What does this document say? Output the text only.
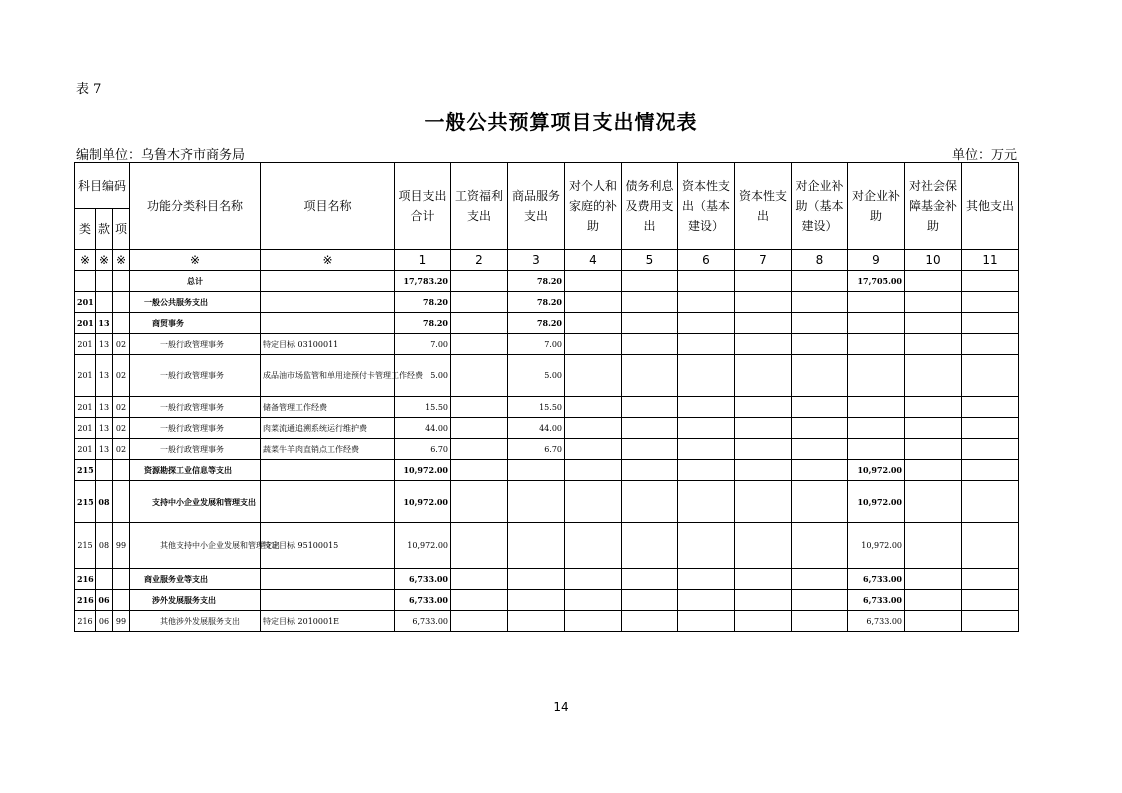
表 7
一般公共预算项目支出情况表
编制单位：乌鲁木齐市商务局	单位：万元
科目编码			功能分类科目名称	项目名称	项目支出合计	工资福利支出	商品服务支出	对个人和家庭的补助	债务利息及费用支出	资本性支出（基本建设）	资本性支出	对企业补助（基本建设）	对企业补助	对社会保障基金补助	其他支出
类	款	项													
※	※	※	※	※	1	2	3	4	5	6	7	8	9	10	11
			总计		17,783.20		78.20						17,705.00		
201			一般公共服务支出		78.20		78.20								
201	13		商贸事务		78.20		78.20								
201	13	02	一般行政管理事务	特定目标 03100011	7.00		7.00								
201	13	02	一般行政管理事务	成品油市场监管和单用途预付卡管理工作经费	5.00		5.00								
201	13	02	一般行政管理事务	储备管理工作经费	15.50		15.50								
201	13	02	一般行政管理事务	肉菜流通追溯系统运行维护费	44.00		44.00								
201	13	02	一般行政管理事务	蔬菜牛羊肉直销点工作经费	6.70		6.70								
215			资源勘探工业信息等支出		10,972.00								10,972.00		
215	08		支持中小企业发展和管理支出		10,972.00								10,972.00		
215	08	99	其他支持中小企业发展和管理支出	特定目标 95100015	10,972.00								10,972.00		
216			商业服务业等支出		6,733.00								6,733.00		
216	06		涉外发展服务支出		6,733.00								6,733.00		
216	06	99	其他涉外发展服务支出	特定目标 2010001E	6,733.00								6,733.00		
14
